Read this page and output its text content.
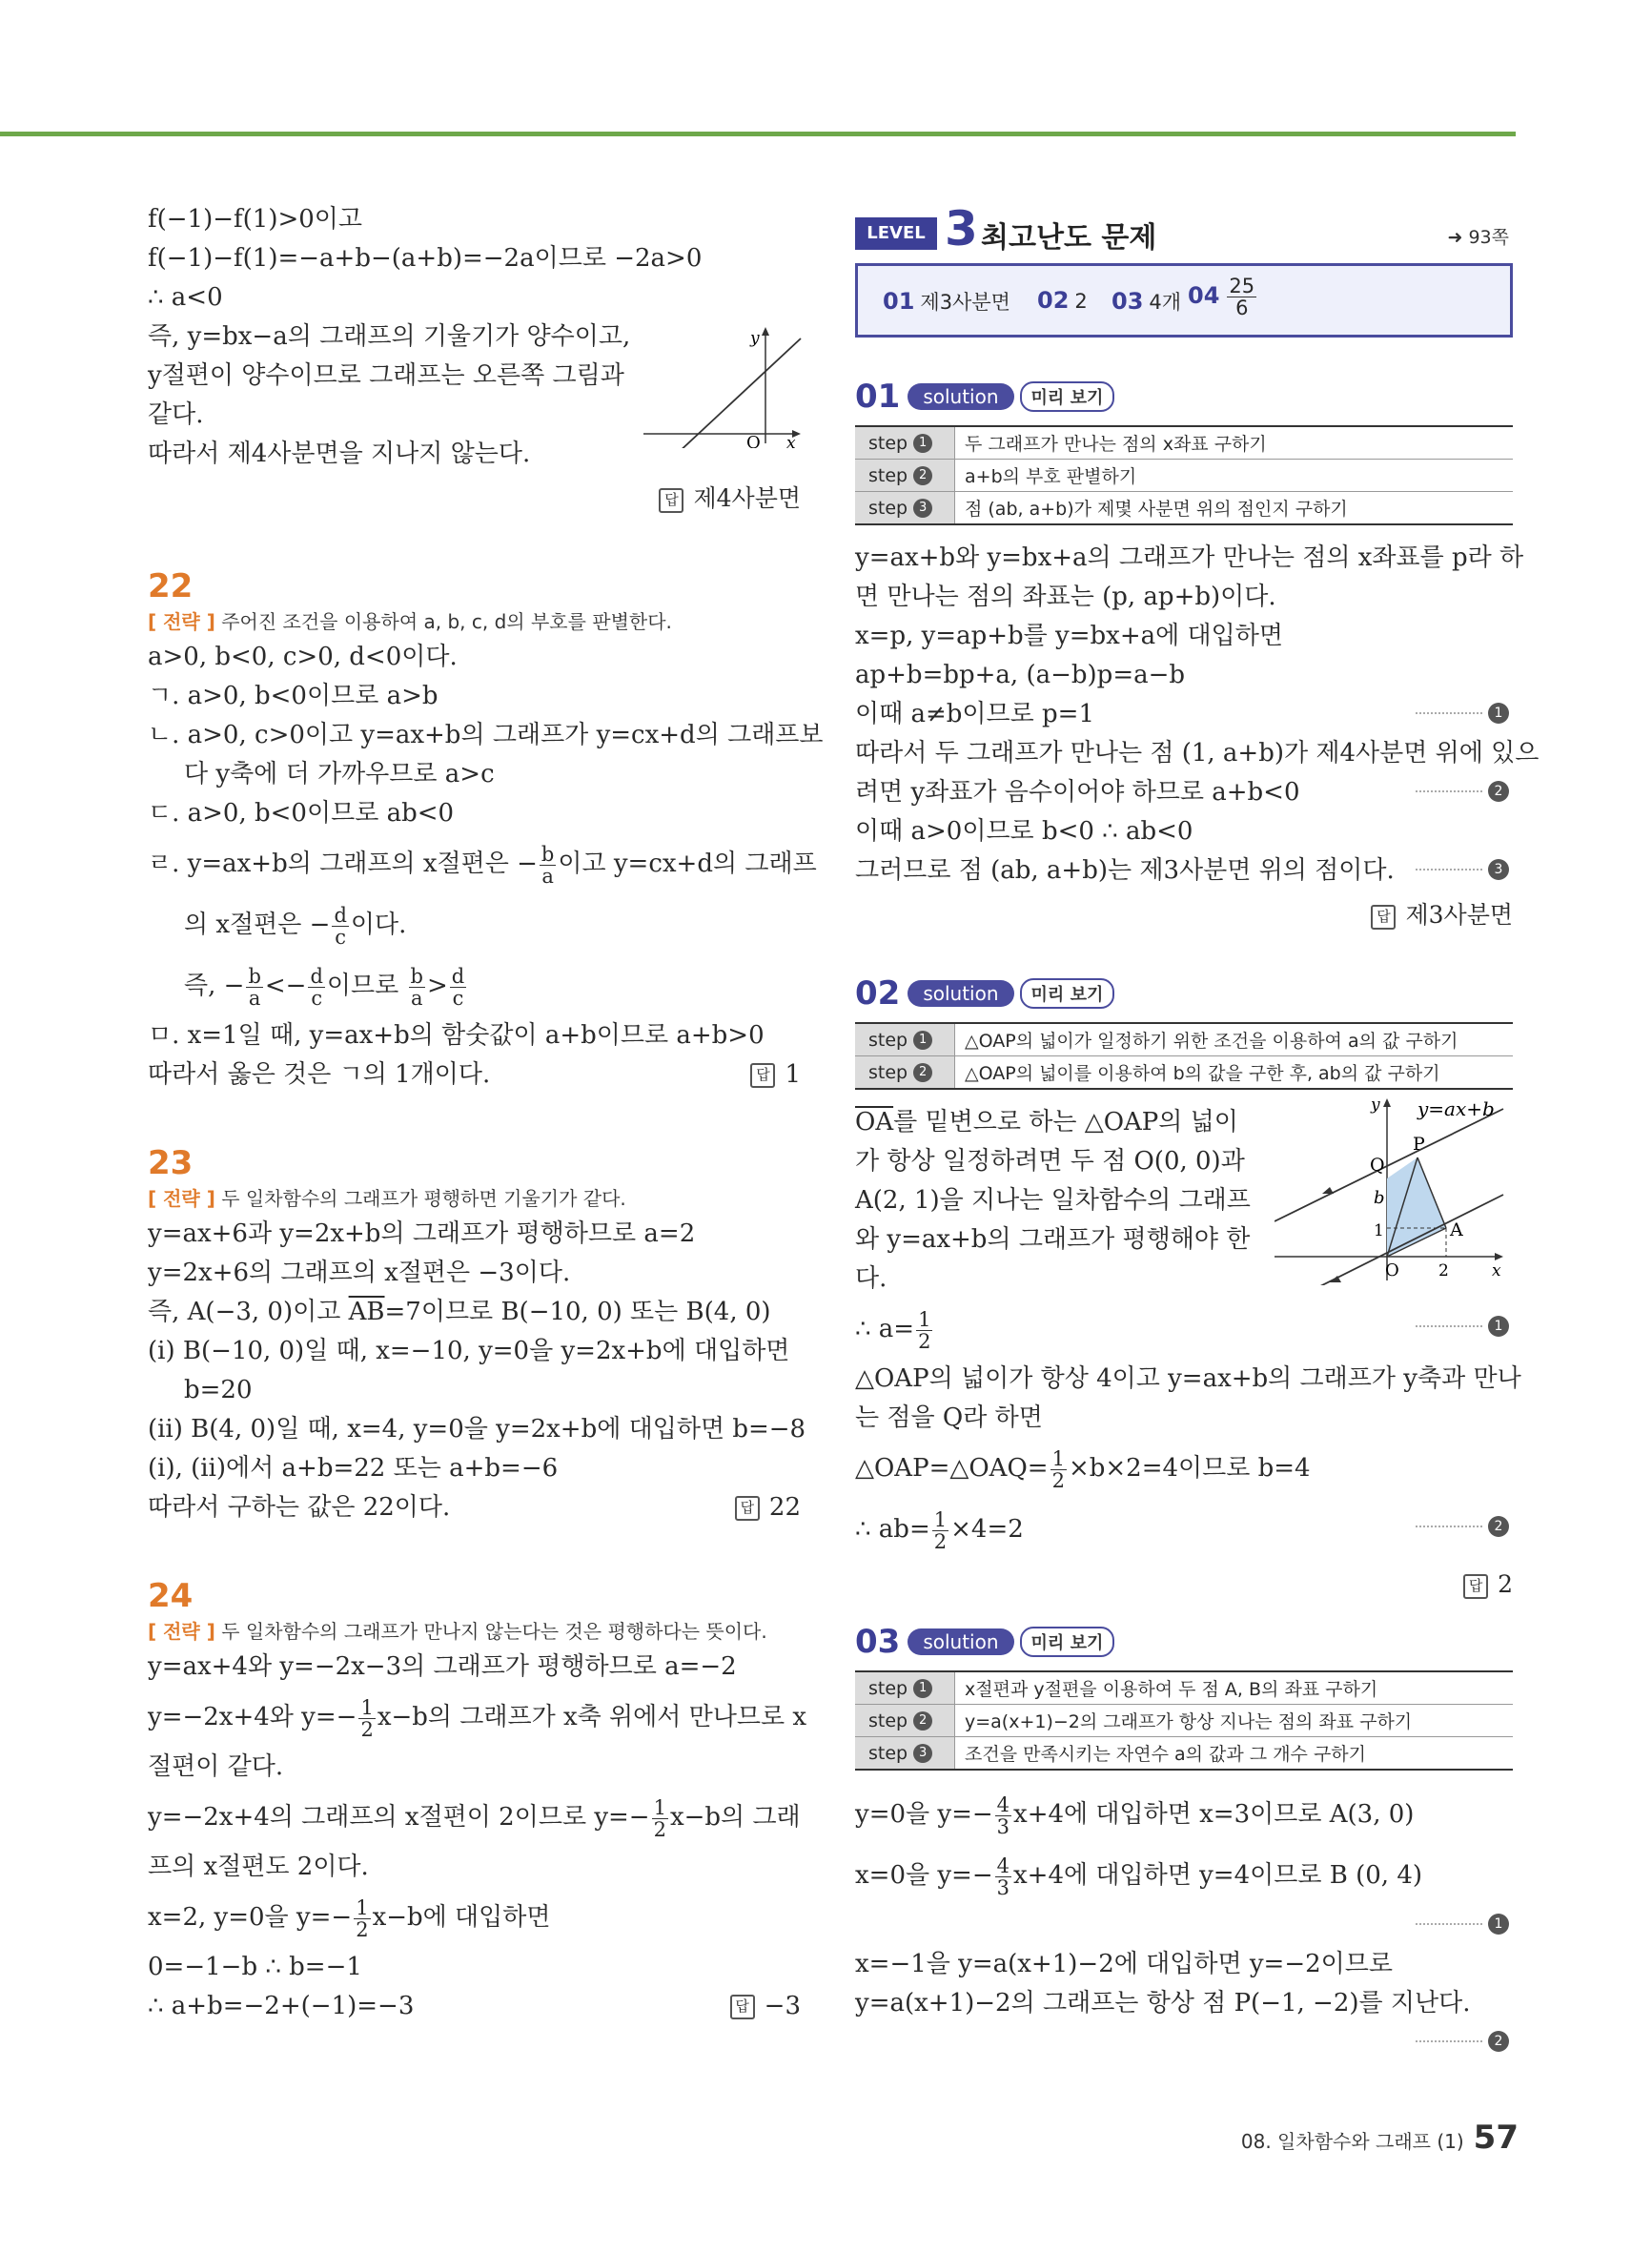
f(−1)−f(1)>0이고
f(−1)−f(1)=−a+b−(a+b)=−2a이므로 −2a>0
∴ a<0
즉, y=bx−a의 그래프의 기울기가 양수이고,
y절편이 양수이므로 그래프는 오른쪽 그림과
같다.
따라서 제4사분면을 지나지 않는다.
y
O x
답 제4사분면
22
[ 전략 ] 주어진 조건을 이용하여 a, b, c, d의 부호를 판별한다.
a>0, b<0, c>0, d<0이다.
ㄱ. a>0, b<0이므로 a>b
ㄴ. a>0, c>0이고 y=ax+b의 그래프가 y=cx+d의 그래프보
다 y축에 더 가까우므로 a>c
ㄷ. a>0, b<0이므로 ab<0
ㄹ. y=ax+b의 그래프의 x절편은 − $\frac{b}{a}$ 이고 y=cx+d의 그래프
의 x절편은 − $\frac{d}{c}$ 이다.
즉, − $\frac{b}{a} <- \frac{d}{c}$ 이므로 $\frac{b}{a} > \frac{d}{c}$
ㅁ. x=1일 때, y=ax+b의 함숫값이 a+b이므로 a+b>0
따라서 옳은 것은 ㄱ의 1개이다.	답 1
23
[ 전략 ] 두 일차함수의 그래프가 평행하면 기울기가 같다.
y=ax+6과 y=2x+b의 그래프가 평행하므로 a=2
y=2x+6의 그래프의 x절편은 −3이다.
즉, A(−3, 0)이고 $\overline{AB}=7$이므로 B(−10, 0) 또는 B(4, 0)
(ⅰ) B(−10, 0)일 때, x=−10, y=0을 y=2x+b에 대입하면
b=20
(ⅱ) B(4, 0)일 때, x=4, y=0을 y=2x+b에 대입하면 b=−8
(ⅰ), (ⅱ)에서 a+b=22 또는 a+b=−6
따라서 구하는 값은 22이다.	답 22
24
[ 전략 ] 두 일차함수의 그래프가 만나지 않는다는 것은 평행하다는 뜻이다.
y=ax+4와 y=−2x−3의 그래프가 평행하므로 a=−2
y=−2x+4와 $y=- \frac{1}{2} x-b$의 그래프가 x축 위에서 만나므로 x
절편이 같다.
y=−2x+4의 그래프의 x절편이 2이므로 $y=- \frac{1}{2} x-b$의 그래
프의 x절편도 2이다.
x=2, y=0을 $y=- \frac{1}{2} x-b$에 대입하면
0=−1−b ∴ b=−1
∴ a+b=−2+(−1)=−3	답 −3
LEVEL 3 최고난도 문제	➜ 93쪽
01 제3사분면 02 2 03 4개 $04 \frac{25}{6}$
01	solution	미리 보기
step 1	두 그래프가 만나는 점의 x좌표 구하기
step 2	a+b의 부호 판별하기
step 3	점 (ab, a+b)가 제몇 사분면 위의 점인지 구하기
y=ax+b와 y=bx+a의 그래프가 만나는 점의 x좌표를 p라 하
면 만나는 점의 좌표는 (p, ap+b)이다.
x=p, y=ap+b를 y=bx+a에 대입하면
ap+b=bp+a, (a−b)p=a−b
이때 a≠b이므로 p=1	1
따라서 두 그래프가 만나는 점 (1, a+b)가 제4사분면 위에 있으
려면 y좌표가 음수이어야 하므로 a+b<0	2
이때 a>0이므로 b<0 ∴ ab<0
그러므로 점 (ab, a+b)는 제3사분면 위의 점이다.	3
답 제3사분면
02	solution	미리 보기
step 1	△OAP의 넓이가 일정하기 위한 조건을 이용하여 a의 값 구하기
step 2	△OAP의 넓이를 이용하여 b의 값을 구한 후, ab의 값 구하기
$\overline{OA}$를 밑변으로 하는 △OAP의 넓이
가 항상 일정하려면 두 점 O(0, 0)과
A(2, 1)을 지나는 일차함수의 그래프
와 y=ax+b의 그래프가 평행해야 한
다.
y y=ax+b
Q
P
b
1	A
O 2	x
∴ $a= \frac{1}{2}$	1
△OAP의 넓이가 항상 4이고 y=ax+b의 그래프가 y축과 만나
는 점을 Q라 하면
△OAP=△OAQ= $\frac{1}{2} \times b\times 2=4$이므로 b=4
∴ $ab= \frac{1}{2} \times 4=2$	2
답 2
03	solution	미리 보기
step 1	x절편과 y절편을 이용하여 두 점 A, B의 좌표 구하기
step 2	y=a(x+1)−2의 그래프가 항상 지나는 점의 좌표 구하기
step 3	조건을 만족시키는 자연수 a의 값과 그 개수 구하기
y=0을 $y=- \frac{4}{3} x+4$에 대입하면 x=3이므로 A(3, 0)
x=0을 $y=- \frac{4}{3} x+4$에 대입하면 y=4이므로 B (0, 4)
1
x=−1을 y=a(x+1)−2에 대입하면 y=−2이므로
y=a(x+1)−2의 그래프는 항상 점 P(−1, −2)를 지난다.
2
08. 일차함수와 그래프 (1) 57
